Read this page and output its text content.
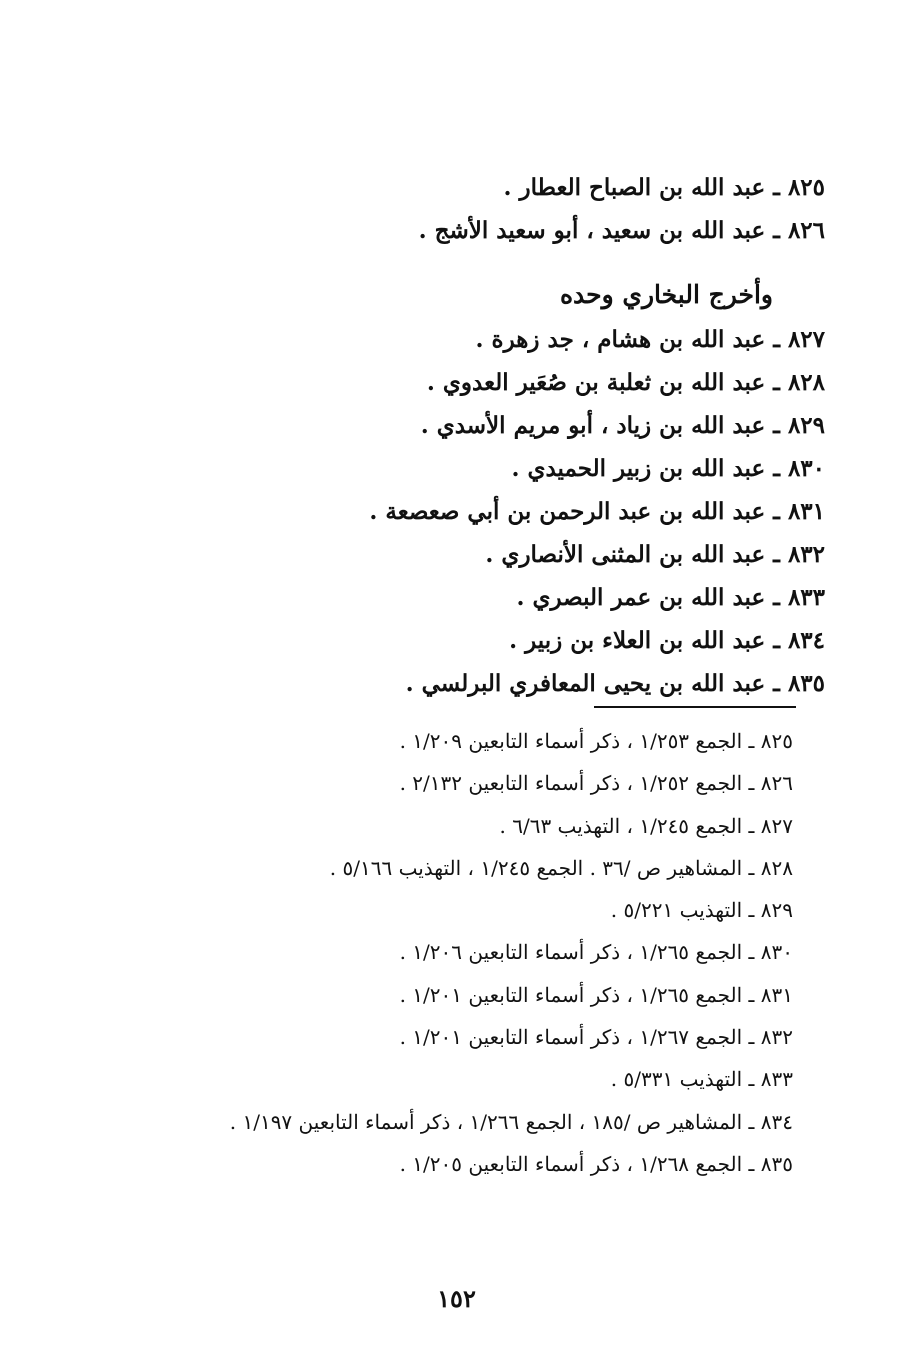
٨٢٥ ـ عبد الله بن الصباح العطار .
٨٢٦ ـ عبد الله بن سعيد ، أبو سعيد الأشج .
وأخرج البخاري وحده
٨٢٧ ـ عبد الله بن هشام ، جد زهرة .
٨٢٨ ـ عبد الله بن ثعلبة بن صُعَير العدوي .
٨٢٩ ـ عبد الله بن زياد ، أبو مريم الأسدي .
٨٣٠ ـ عبد الله بن زبير الحميدي .
٨٣١ ـ عبد الله بن عبد الرحمن بن أبي صعصعة .
٨٣٢ ـ عبد الله بن المثنى الأنصاري .
٨٣٣ ـ عبد الله بن عمر البصري .
٨٣٤ ـ عبد الله بن العلاء بن زبير .
٨٣٥ ـ عبد الله بن يحيى المعافري البرلسي .
٨٢٥ ـ الجمع ١/٢٥٣ ، ذكر أسماء التابعين ١/٢٠٩ .
٨٢٦ ـ الجمع ١/٢٥٢ ، ذكر أسماء التابعين ٢/١٣٢ .
٨٢٧ ـ الجمع ١/٢٤٥ ، التهذيب ٦/٦٣ .
٨٢٨ ـ المشاهير ص /٣٦ . الجمع ١/٢٤٥ ، التهذيب ٥/١٦٦ .
٨٢٩ ـ التهذيب ٥/٢٢١ .
٨٣٠ ـ الجمع ١/٢٦٥ ، ذكر أسماء التابعين ١/٢٠٦ .
٨٣١ ـ الجمع ١/٢٦٥ ، ذكر أسماء التابعين ١/٢٠١ .
٨٣٢ ـ الجمع ١/٢٦٧ ، ذكر أسماء التابعين ١/٢٠١ .
٨٣٣ ـ التهذيب ٥/٣٣١ .
٨٣٤ ـ المشاهير ص /١٨٥ ، الجمع ١/٢٦٦ ، ذكر أسماء التابعين ١/١٩٧ .
٨٣٥ ـ الجمع ١/٢٦٨ ، ذكر أسماء التابعين ١/٢٠٥ .
١٥٢
